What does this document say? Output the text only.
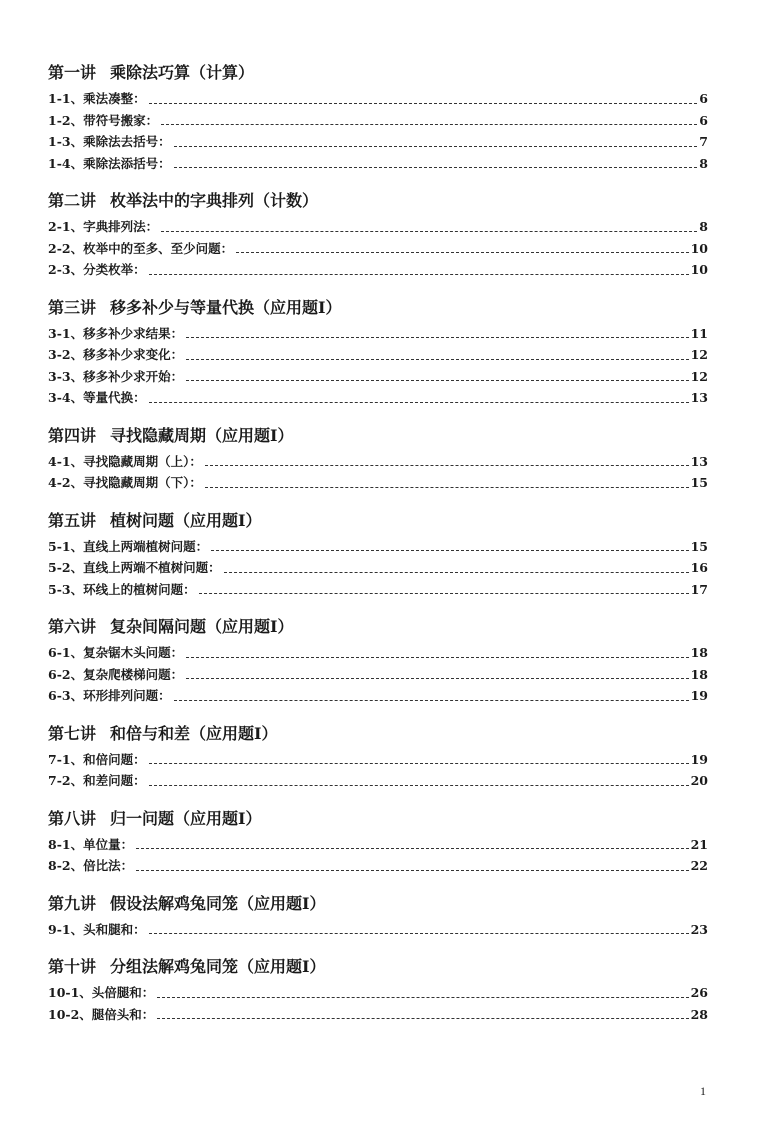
第一讲 乘除法巧算（计算）
1-1、 乘法凑整：	6
1-2、 带符号搬家：	6
1-3、 乘除法去括号：	7
1-4、 乘除法添括号：	8
第二讲 枚举法中的字典排列（计数）
2-1、 字典排列法：	8
2-2、 枚举中的至多、至少问题：	10
2-3、 分类枚举：	10
第三讲 移多补少与等量代换（应用题Ⅰ）
3-1、 移多补少求结果：	11
3-2、 移多补少求变化：	12
3-3、 移多补少求开始：	12
3-4、 等量代换：	13
第四讲 寻找隐藏周期（应用题Ⅰ）
4-1、 寻找隐藏周期（上）：	13
4-2、 寻找隐藏周期（下）：	15
第五讲 植树问题（应用题Ⅰ）
5-1、 直线上两端植树问题：	15
5-2、 直线上两端不植树问题：	16
5-3、 环线上的植树问题：	17
第六讲 复杂间隔问题（应用题Ⅰ）
6-1、 复杂锯木头问题：	18
6-2、 复杂爬楼梯问题：	18
6-3、 环形排列问题：	19
第七讲 和倍与和差（应用题Ⅰ）
7-1、 和倍问题：	19
7-2、 和差问题：	20
第八讲 归一问题（应用题Ⅰ）
8-1、 单位量：	21
8-2、 倍比法：	22
第九讲 假设法解鸡兔同笼（应用题Ⅰ）
9-1、 头和腿和：	23
第十讲 分组法解鸡兔同笼（应用题Ⅰ）
10-1、 头倍腿和：	26
10-2、 腿倍头和：	28
1
